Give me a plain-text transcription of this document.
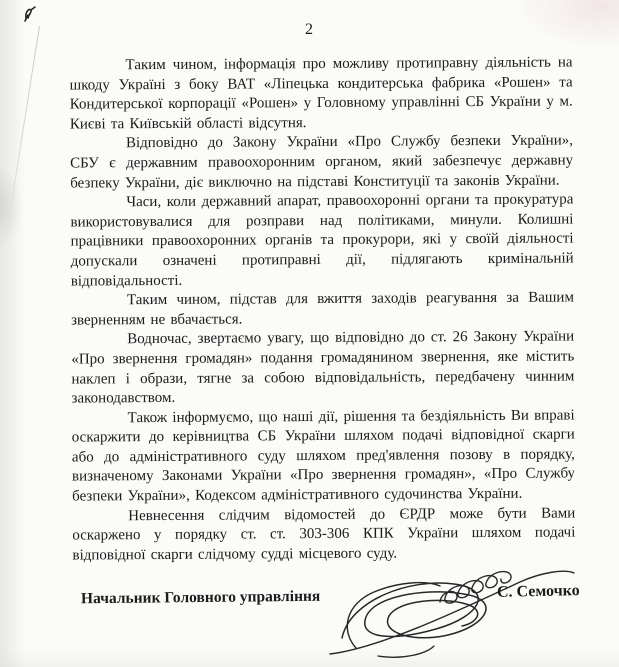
2

Таким чином, інформація про можливу протиправну діяльність на шкоду Україні з боку ВАТ «Ліпецька кондитерська фабрика «Рошен» та Кондитерської корпорації «Рошен» у Головному управлінні СБ України у м. Києві та Київській області відсутня.

Відповідно до Закону України «Про Службу безпеки України», СБУ є державним правоохоронним органом, який забезпечує державну безпеку України, діє виключно на підставі Конституції та законів України.

Часи, коли державний апарат, правоохоронні органи та прокуратура використовувалися для розправи над політиками, минули. Колишні працівники правоохоронних органів та прокурори, які у своїй діяльності допускали означені протиправні дії, підлягають кримінальній відповідальності.

Таким чином, підстав для вжиття заходів реагування за Вашим зверненням не вбачається.

Водночас, звертаємо увагу, що відповідно до ст. 26 Закону України «Про звернення громадян» подання громадянином звернення, яке містить наклеп і образи, тягне за собою відповідальність, передбачену чинним законодавством.

Також інформуємо, що наші дії, рішення та бездіяльність Ви вправі оскаржити до керівництва СБ України шляхом подачі відповідної скарги або до адміністративного суду шляхом пред'явлення позову в порядку, визначеному Законами України «Про звернення громадян», «Про Службу безпеки України», Кодексом адміністративного судочинства України.

Невнесення слідчим відомостей до ЄРДР може бути Вами оскаржено у порядку ст. ст. 303-306 КПК України шляхом подачі відповідної скарги слідчому судді місцевого суду.

Начальник Головного управління	С. Семочко
